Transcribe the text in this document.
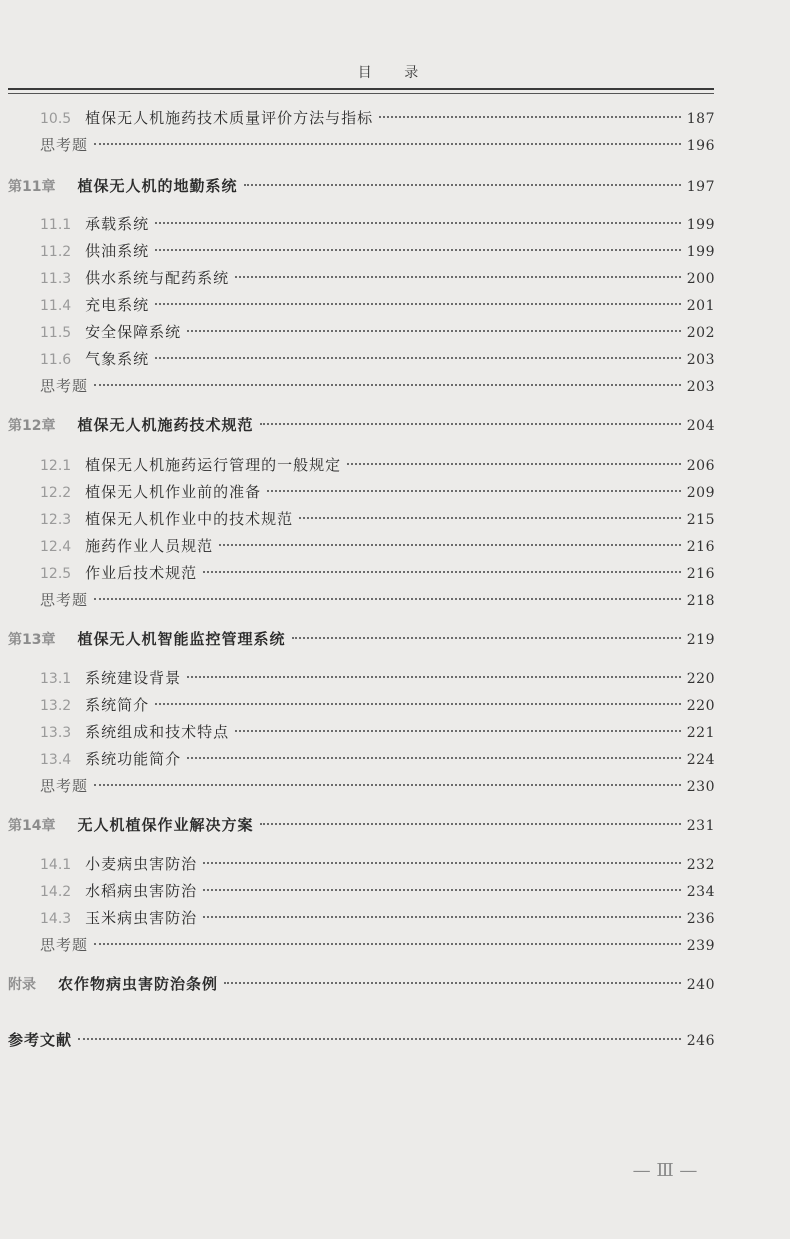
目 录
10.5 植保无人机施药技术质量评价方法与指标	187
思考题	196
第11章 植保无人机的地勤系统	197
11.1 承载系统	199
11.2 供油系统	199
11.3 供水系统与配药系统	200
11.4 充电系统	201
11.5 安全保障系统	202
11.6 气象系统	203
思考题	203
第12章 植保无人机施药技术规范	204
12.1 植保无人机施药运行管理的一般规定	206
12.2 植保无人机作业前的准备	209
12.3 植保无人机作业中的技术规范	215
12.4 施药作业人员规范	216
12.5 作业后技术规范	216
思考题	218
第13章 植保无人机智能监控管理系统	219
13.1 系统建设背景	220
13.2 系统简介	220
13.3 系统组成和技术特点	221
13.4 系统功能简介	224
思考题	230
第14章 无人机植保作业解决方案	231
14.1 小麦病虫害防治	232
14.2 水稻病虫害防治	234
14.3 玉米病虫害防治	236
思考题	239
附录 农作物病虫害防治条例	240
参考文献	246
— Ⅲ —
